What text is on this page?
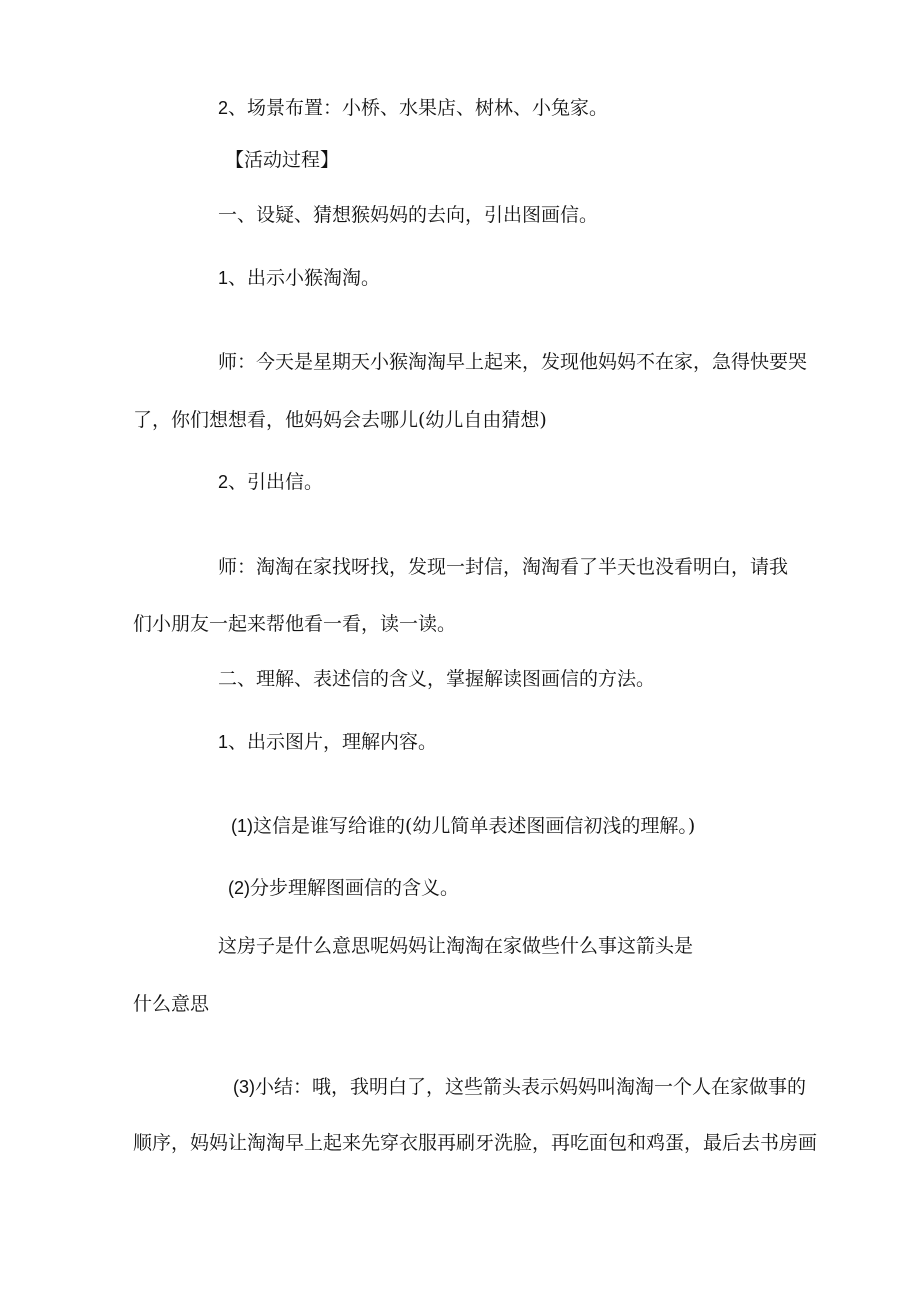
2、场景布置：小桥、水果店、树林、小兔家。
【活动过程】
一、设疑、猜想猴妈妈的去向，引出图画信。
1、出示小猴淘淘。
师：今天是星期天小猴淘淘早上起来，发现他妈妈不在家，急得快要哭
了，你们想想看，他妈妈会去哪儿(幼儿自由猜想)
2、引出信。
师：淘淘在家找呀找，发现一封信，淘淘看了半天也没看明白，请我
们小朋友一起来帮他看一看，读一读。
二、理解、表述信的含义，掌握解读图画信的方法。
1、出示图片，理解内容。
(1)这信是谁写给谁的(幼儿简单表述图画信初浅的理解。)
(2)分步理解图画信的含义。
这房子是什么意思呢妈妈让淘淘在家做些什么事这箭头是
什么意思
(3)小结：哦，我明白了，这些箭头表示妈妈叫淘淘一个人在家做事的
顺序，妈妈让淘淘早上起来先穿衣服再刷牙洗脸，再吃面包和鸡蛋，最后去书房画
